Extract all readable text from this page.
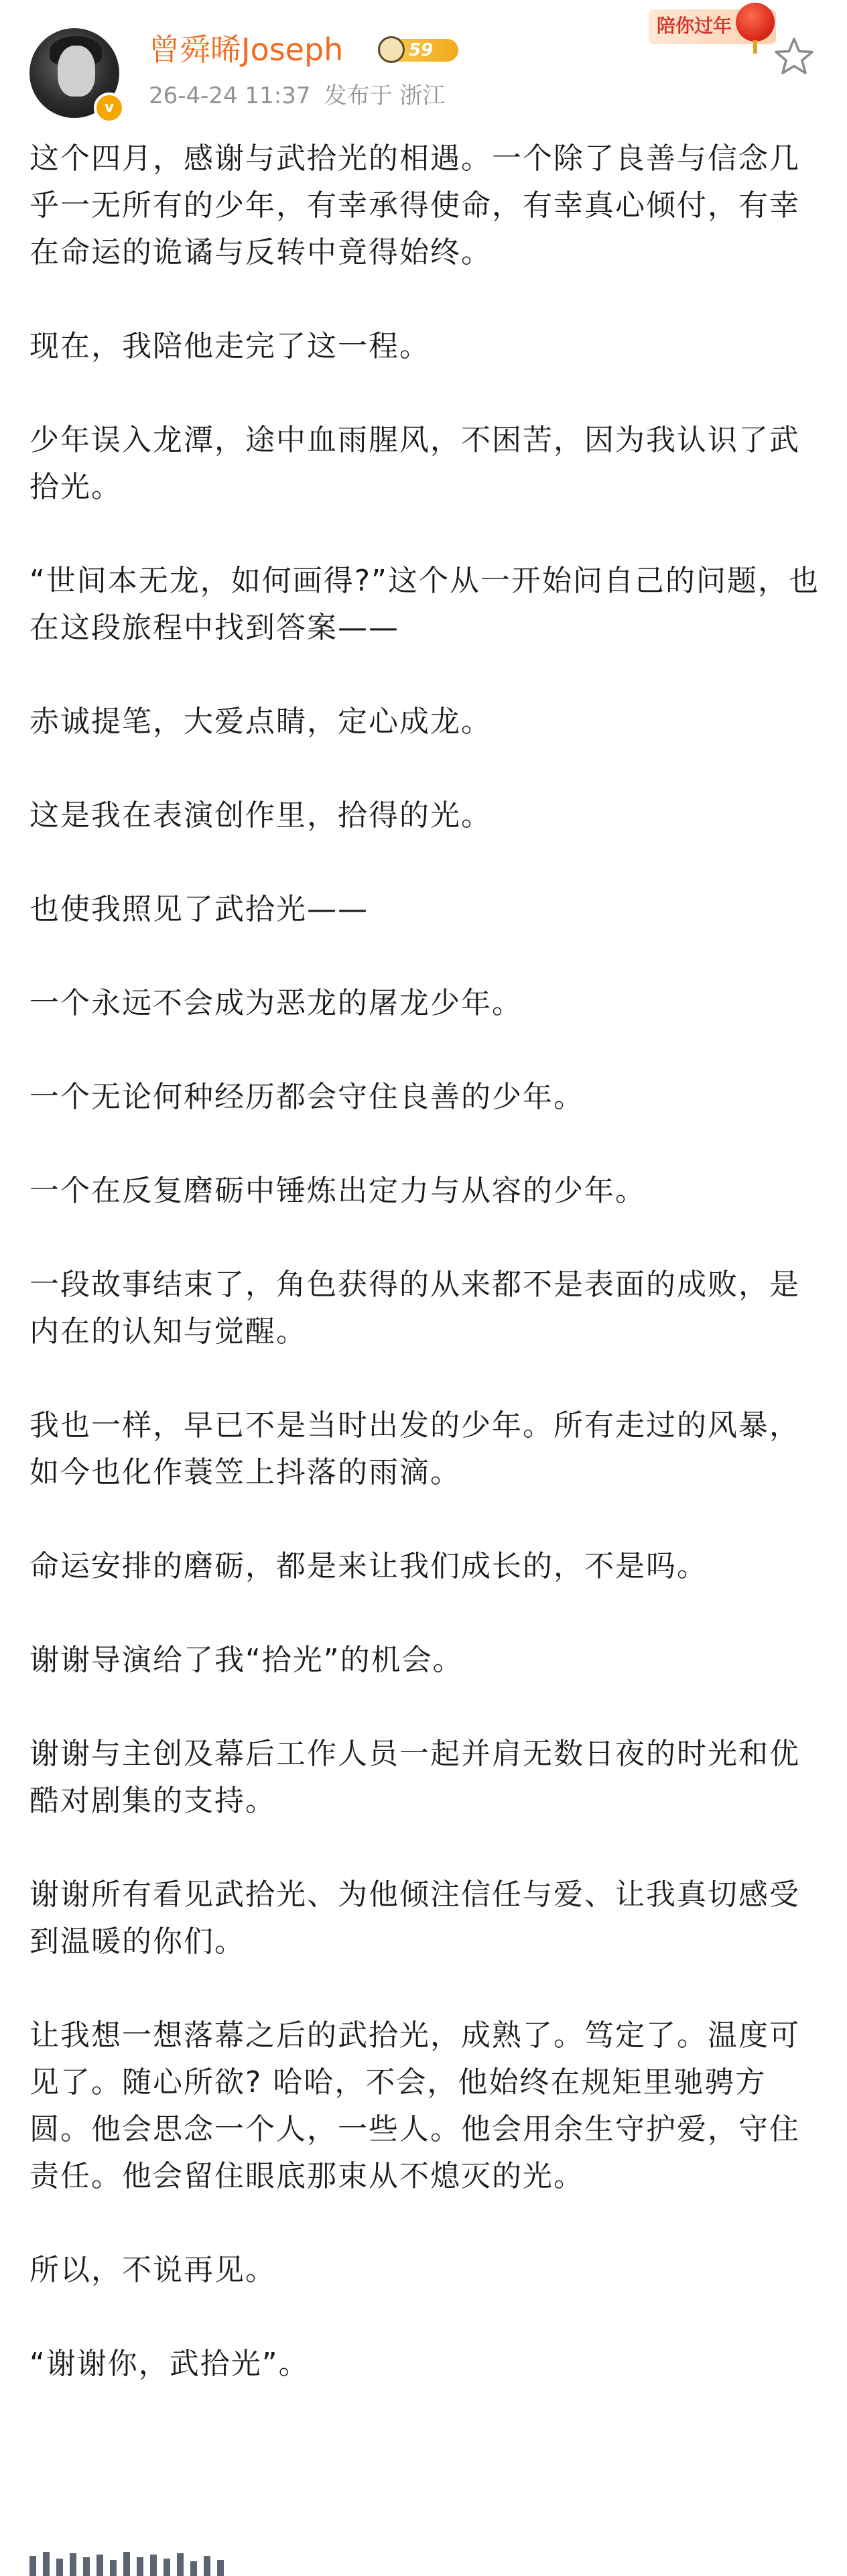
v
曾舜晞Joseph	59
26-4-24 11:37 发布于 浙江
陪你过年

这个四月，感谢与武拾光的相遇。一个除了良善与信念几乎一无所有的少年，有幸承得使命，有幸真心倾付，有幸在命运的诡谲与反转中竟得始终。

现在，我陪他走完了这一程。

少年误入龙潭，途中血雨腥风，不困苦，因为我认识了武拾光。

“世间本无龙，如何画得?”这个从一开始问自己的问题，也在这段旅程中找到答案——

赤诚提笔，大爱点睛，定心成龙。

这是我在表演创作里，拾得的光。

也使我照见了武拾光——

一个永远不会成为恶龙的屠龙少年。

一个无论何种经历都会守住良善的少年。

一个在反复磨砺中锤炼出定力与从容的少年。

一段故事结束了，角色获得的从来都不是表面的成败，是内在的认知与觉醒。

我也一样，早已不是当时出发的少年。所有走过的风暴，如今也化作蓑笠上抖落的雨滴。

命运安排的磨砺，都是来让我们成长的，不是吗。

谢谢导演给了我“拾光”的机会。

谢谢与主创及幕后工作人员一起并肩无数日夜的时光和优酷对剧集的支持。

谢谢所有看见武拾光、为他倾注信任与爱、让我真切感受到温暖的你们。

让我想一想落幕之后的武拾光，成熟了。笃定了。温度可见了。随心所欲? 哈哈，不会，他始终在规矩里驰骋方圆。他会思念一个人，一些人。他会用余生守护爱，守住责任。他会留住眼底那束从不熄灭的光。

所以，不说再见。

“谢谢你，武拾光”。
